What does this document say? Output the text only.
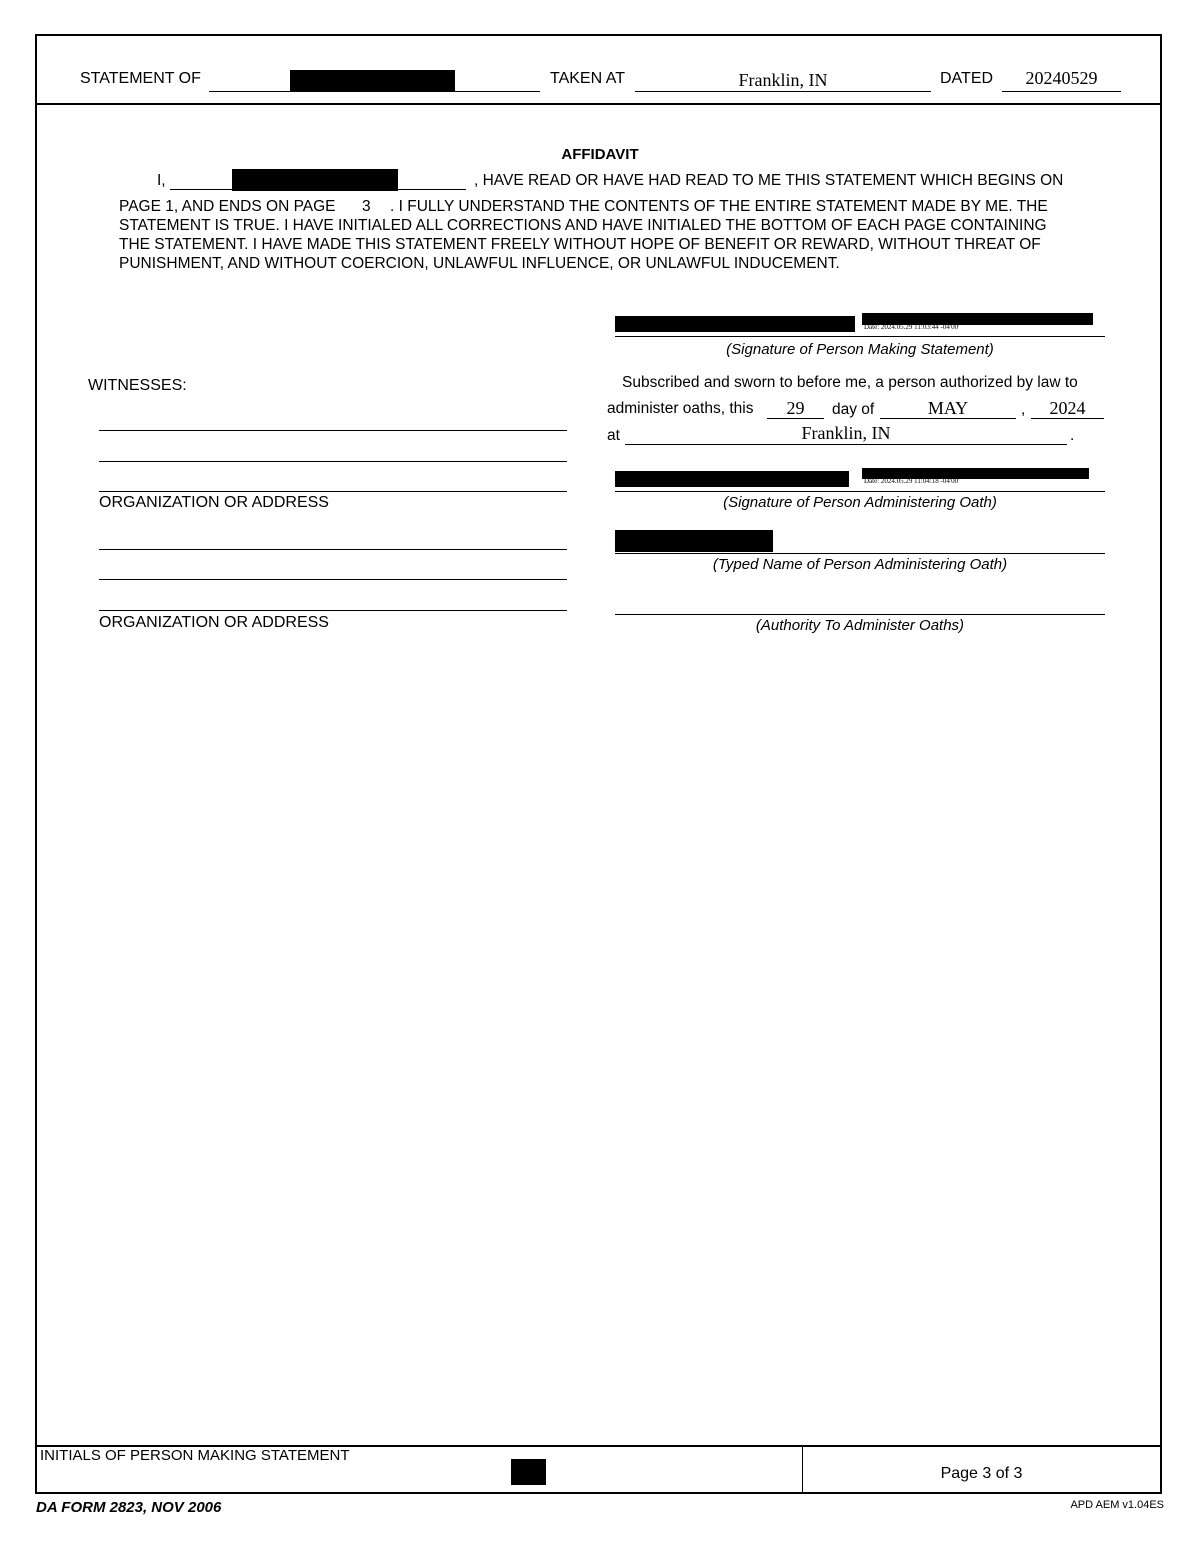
STATEMENT OF	TAKEN AT	Franklin, IN	DATED	20240529
AFFIDAVIT
I,	, HAVE READ OR HAVE HAD READ TO ME THIS STATEMENT WHICH BEGINS ON
PAGE 1, AND ENDS ON PAGE 3 . I FULLY UNDERSTAND THE CONTENTS OF THE ENTIRE STATEMENT MADE BY ME. THE
STATEMENT IS TRUE. I HAVE INITIALED ALL CORRECTIONS AND HAVE INITIALED THE BOTTOM OF EACH PAGE CONTAINING
THE STATEMENT. I HAVE MADE THIS STATEMENT FREELY WITHOUT HOPE OF BENEFIT OR REWARD, WITHOUT THREAT OF
PUNISHMENT, AND WITHOUT COERCION, UNLAWFUL INFLUENCE, OR UNLAWFUL INDUCEMENT.
Date: 2024.05.29 11:03:44 -04'00'
(Signature of Person Making Statement)
WITNESSES:
ORGANIZATION OR ADDRESS
ORGANIZATION OR ADDRESS
Subscribed and sworn to before me, a person authorized by law to
administer oaths, this	29	day of	MAY	,	2024
at	Franklin, IN	.
Date: 2024.05.29 11:04:18 -04'00'
(Signature of Person Administering Oath)
(Typed Name of Person Administering Oath)
(Authority To Administer Oaths)
INITIALS OF PERSON MAKING STATEMENT
Page 3 of 3
DA FORM 2823, NOV 2006	APD AEM v1.04ES
